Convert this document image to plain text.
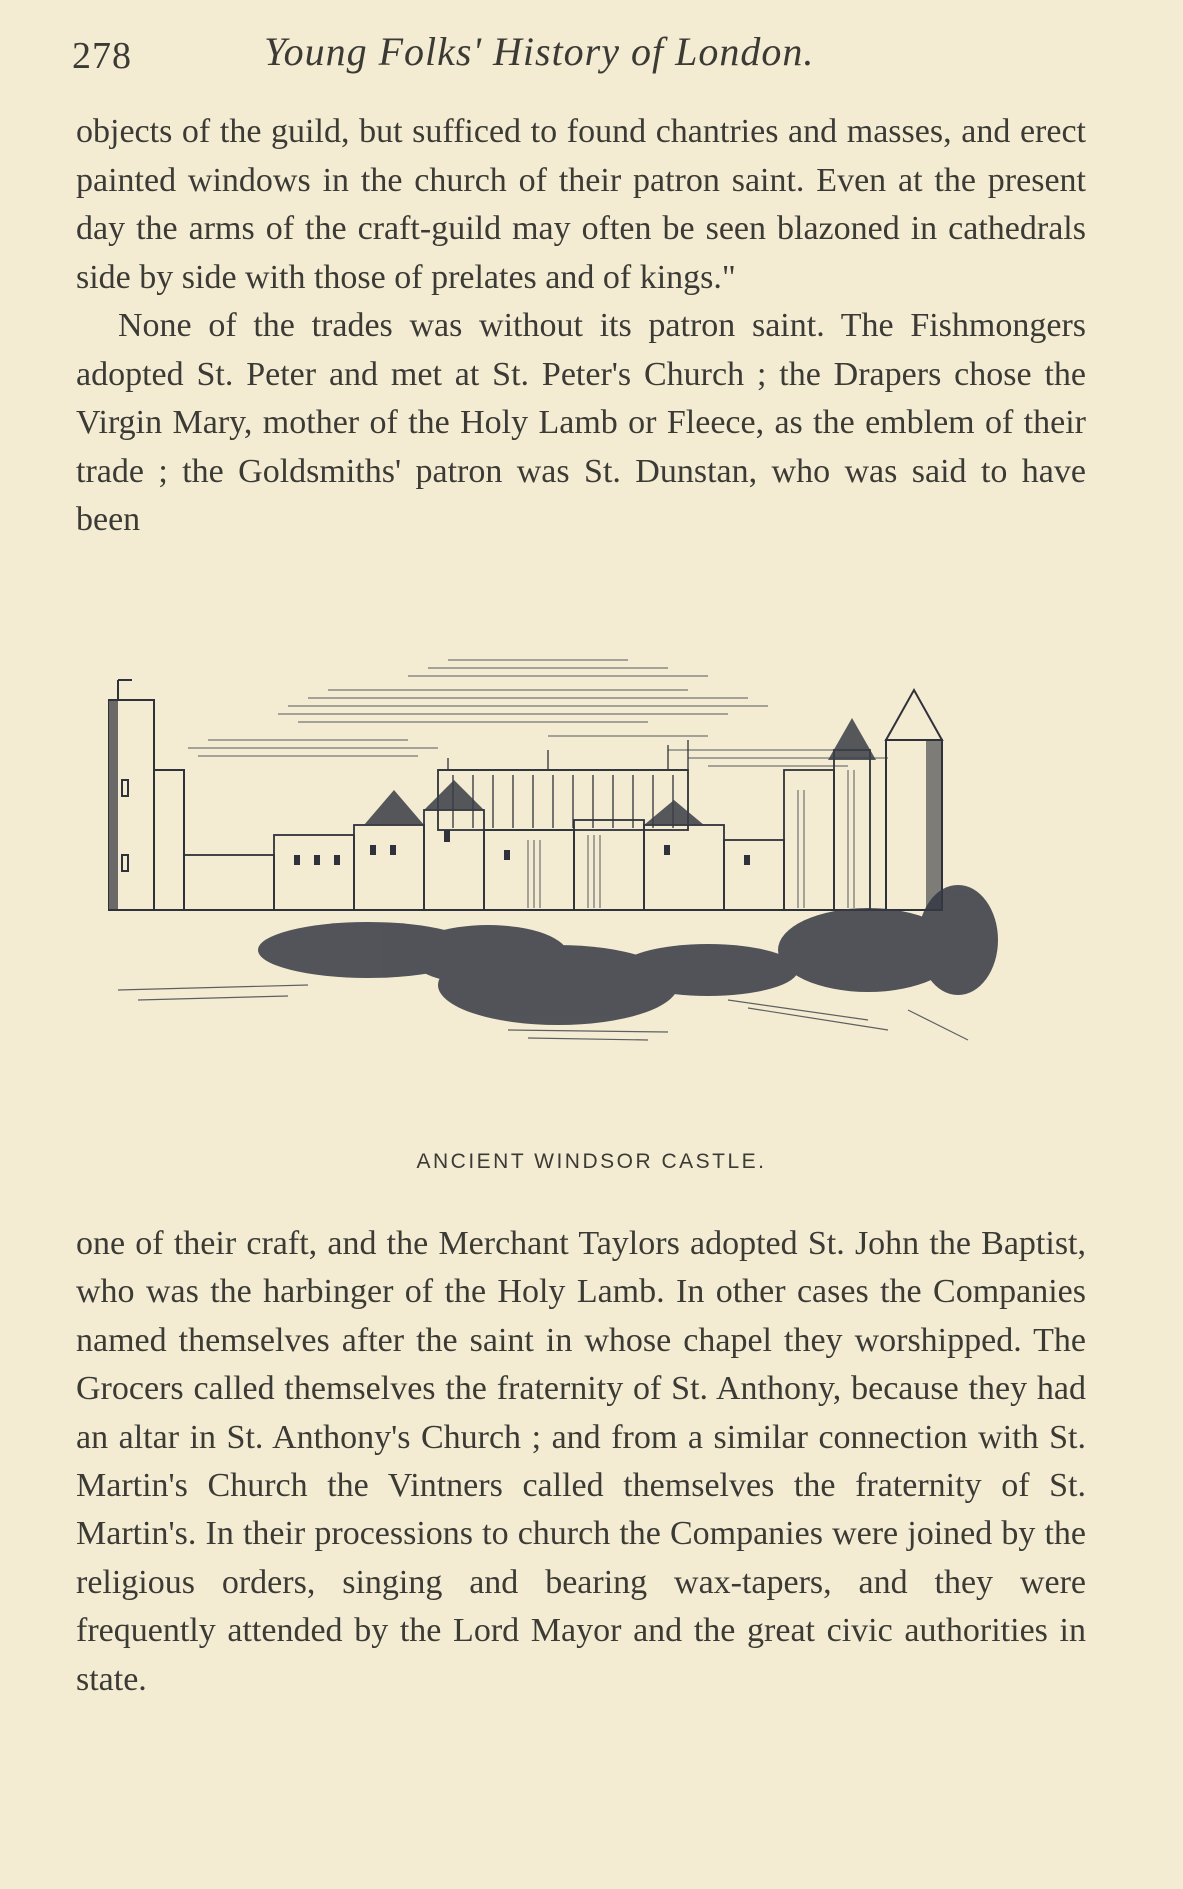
278	Young Folks' History of London.

objects of the guild, but sufficed to found chantries and masses, and erect painted windows in the church of their patron saint. Even at the present day the arms of the craft-guild may often be seen blazoned in cathedrals side by side with those of prelates and of kings."

None of the trades was without its patron saint. The Fishmongers adopted St. Peter and met at St. Peter's Church ; the Drapers chose the Virgin Mary, mother of the Holy Lamb or Fleece, as the emblem of their trade ; the Goldsmiths' patron was St. Dunstan, who was said to have been

ANCIENT WINDSOR CASTLE.

one of their craft, and the Merchant Taylors adopted St. John the Baptist, who was the harbinger of the Holy Lamb. In other cases the Companies named themselves after the saint in whose chapel they worshipped. The Grocers called themselves the fraternity of St. Anthony, because they had an altar in St. Anthony's Church ; and from a similar connection with St. Martin's Church the Vintners called themselves the fraternity of St. Martin's. In their processions to church the Companies were joined by the religious orders, singing and bearing wax-tapers, and they were frequently attended by the Lord Mayor and the great civic authorities in state.
